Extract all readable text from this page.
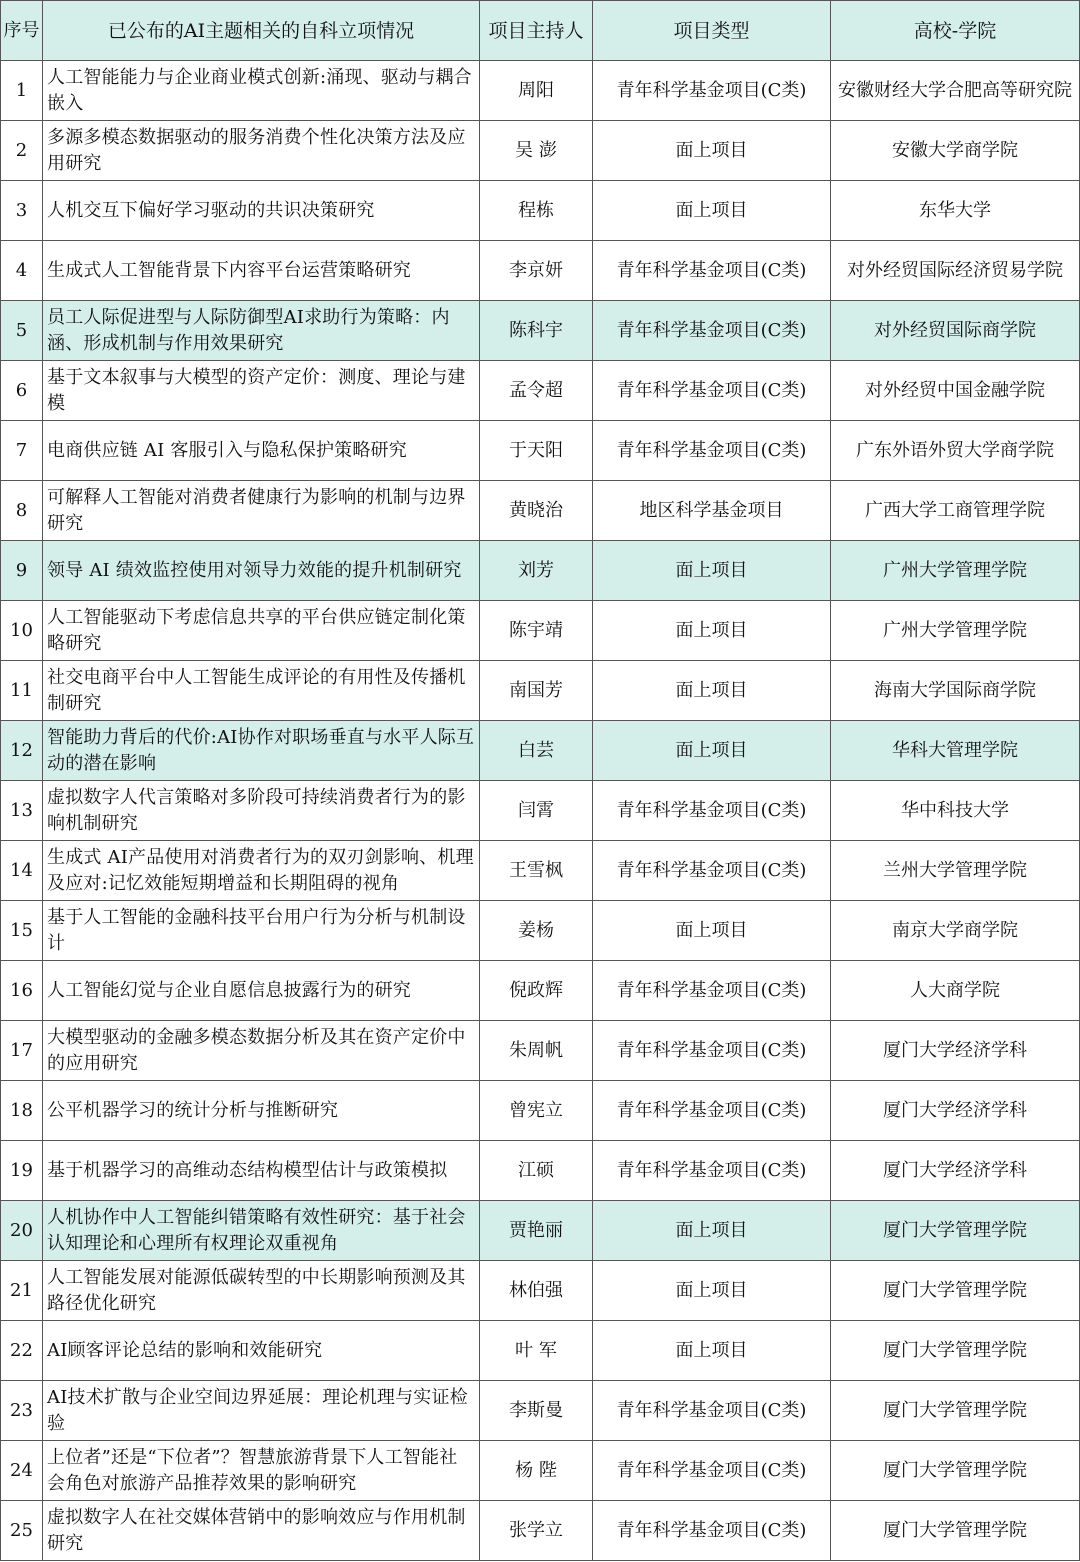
序号	已公布的AI主题相关的自科立项情况	项目主持人	项目类型	高校-学院
1	人工智能能力与企业商业模式创新:涌现、驱动与耦合嵌入	周阳	青年科学基金项目(C类)	安徽财经大学合肥高等研究院
2	多源多模态数据驱动的服务消费个性化决策方法及应用研究	吴 澎	面上项目	安徽大学商学院
3	人机交互下偏好学习驱动的共识决策研究	程栋	面上项目	东华大学
4	生成式人工智能背景下内容平台运营策略研究	李京妍	青年科学基金项目(C类)	对外经贸国际经济贸易学院
5	员工人际促进型与人际防御型AI求助行为策略：内涵、形成机制与作用效果研究	陈科宇	青年科学基金项目(C类)	对外经贸国际商学院
6	基于文本叙事与大模型的资产定价：测度、理论与建模	孟令超	青年科学基金项目(C类)	对外经贸中国金融学院
7	电商供应链 AI 客服引入与隐私保护策略研究	于天阳	青年科学基金项目(C类)	广东外语外贸大学商学院
8	可解释人工智能对消费者健康行为影响的机制与边界研究	黄晓治	地区科学基金项目	广西大学工商管理学院
9	领导 AI 绩效监控使用对领导力效能的提升机制研究	刘芳	面上项目	广州大学管理学院
10	人工智能驱动下考虑信息共享的平台供应链定制化策略研究	陈宇靖	面上项目	广州大学管理学院
11	社交电商平台中人工智能生成评论的有用性及传播机制研究	南国芳	面上项目	海南大学国际商学院
12	智能助力背后的代价:AI协作对职场垂直与水平人际互动的潜在影响	白芸	面上项目	华科大管理学院
13	虚拟数字人代言策略对多阶段可持续消费者行为的影响机制研究	闫霄	青年科学基金项目(C类)	华中科技大学
14	生成式 AI产品使用对消费者行为的双刃剑影响、机理及应对:记忆效能短期增益和长期阻碍的视角	王雪枫	青年科学基金项目(C类)	兰州大学管理学院
15	基于人工智能的金融科技平台用户行为分析与机制设计	姜杨	面上项目	南京大学商学院
16	人工智能幻觉与企业自愿信息披露行为的研究	倪政辉	青年科学基金项目(C类)	人大商学院
17	大模型驱动的金融多模态数据分析及其在资产定价中的应用研究	朱周帆	青年科学基金项目(C类)	厦门大学经济学科
18	公平机器学习的统计分析与推断研究	曾宪立	青年科学基金项目(C类)	厦门大学经济学科
19	基于机器学习的高维动态结构模型估计与政策模拟	江硕	青年科学基金项目(C类)	厦门大学经济学科
20	人机协作中人工智能纠错策略有效性研究：基于社会认知理论和心理所有权理论双重视角	贾艳丽	面上项目	厦门大学管理学院
21	人工智能发展对能源低碳转型的中长期影响预测及其路径优化研究	林伯强	面上项目	厦门大学管理学院
22	AI顾客评论总结的影响和效能研究	叶 军	面上项目	厦门大学管理学院
23	AI技术扩散与企业空间边界延展：理论机理与实证检验	李斯曼	青年科学基金项目(C类)	厦门大学管理学院
24	上位者”还是“下位者”？智慧旅游背景下人工智能社会角色对旅游产品推荐效果的影响研究	杨 陛	青年科学基金项目(C类)	厦门大学管理学院
25	虚拟数字人在社交媒体营销中的影响效应与作用机制研究	张学立	青年科学基金项目(C类)	厦门大学管理学院
